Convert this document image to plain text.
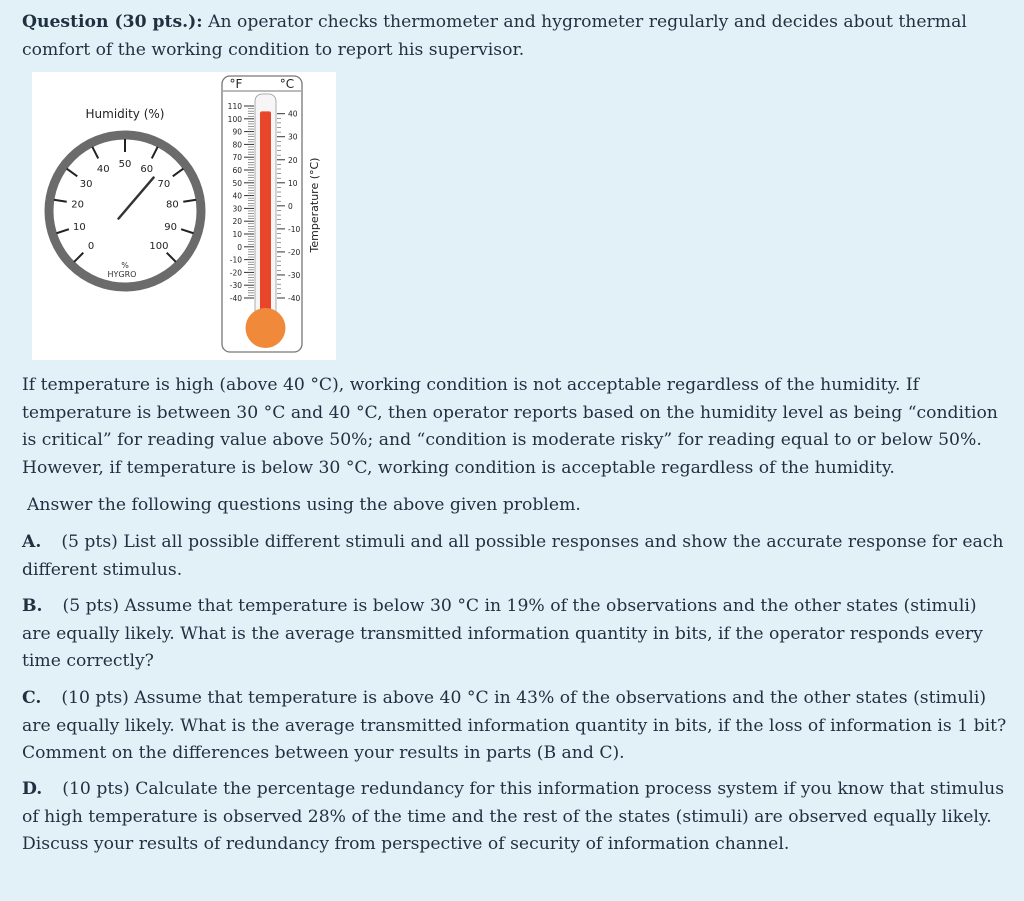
Question (30 pts.): An operator checks thermometer and hygrometer regularly and decides about thermal comfort of the working condition to report his supervisor.

Humidity (%)
0
10
20
30
40 50 60
70
80
90
100
%
HYGRO
°F	°C
110
100
90
80
70
60
50
40
30
20
10
0
-10
-20
-30
-40
40
30
20
10
0
-10
-20
-30
-40
Temperature (°C)

If temperature is high (above 40 °C), working condition is not acceptable regardless of the humidity. If temperature is between 30 °C and 40 °C, then operator reports based on the humidity level as being “condition is critical” for reading value above 50%; and “condition is moderate risky” for reading equal to or below 50%. However, if temperature is below 30 °C, working condition is acceptable regardless of the humidity.

Answer the following questions using the above given problem.

A. (5 pts) List all possible different stimuli and all possible responses and show the accurate response for each different stimulus.

B. (5 pts) Assume that temperature is below 30 °C in 19% of the observations and the other states (stimuli) are equally likely. What is the average transmitted information quantity in bits, if the operator responds every time correctly?

C. (10 pts) Assume that temperature is above 40 °C in 43% of the observations and the other states (stimuli) are equally likely. What is the average transmitted information quantity in bits, if the loss of information is 1 bit? Comment on the differences between your results in parts (B and C).

D. (10 pts) Calculate the percentage redundancy for this information process system if you know that stimulus of high temperature is observed 28% of the time and the rest of the states (stimuli) are observed equally likely. Discuss your results of redundancy from perspective of security of information channel.
